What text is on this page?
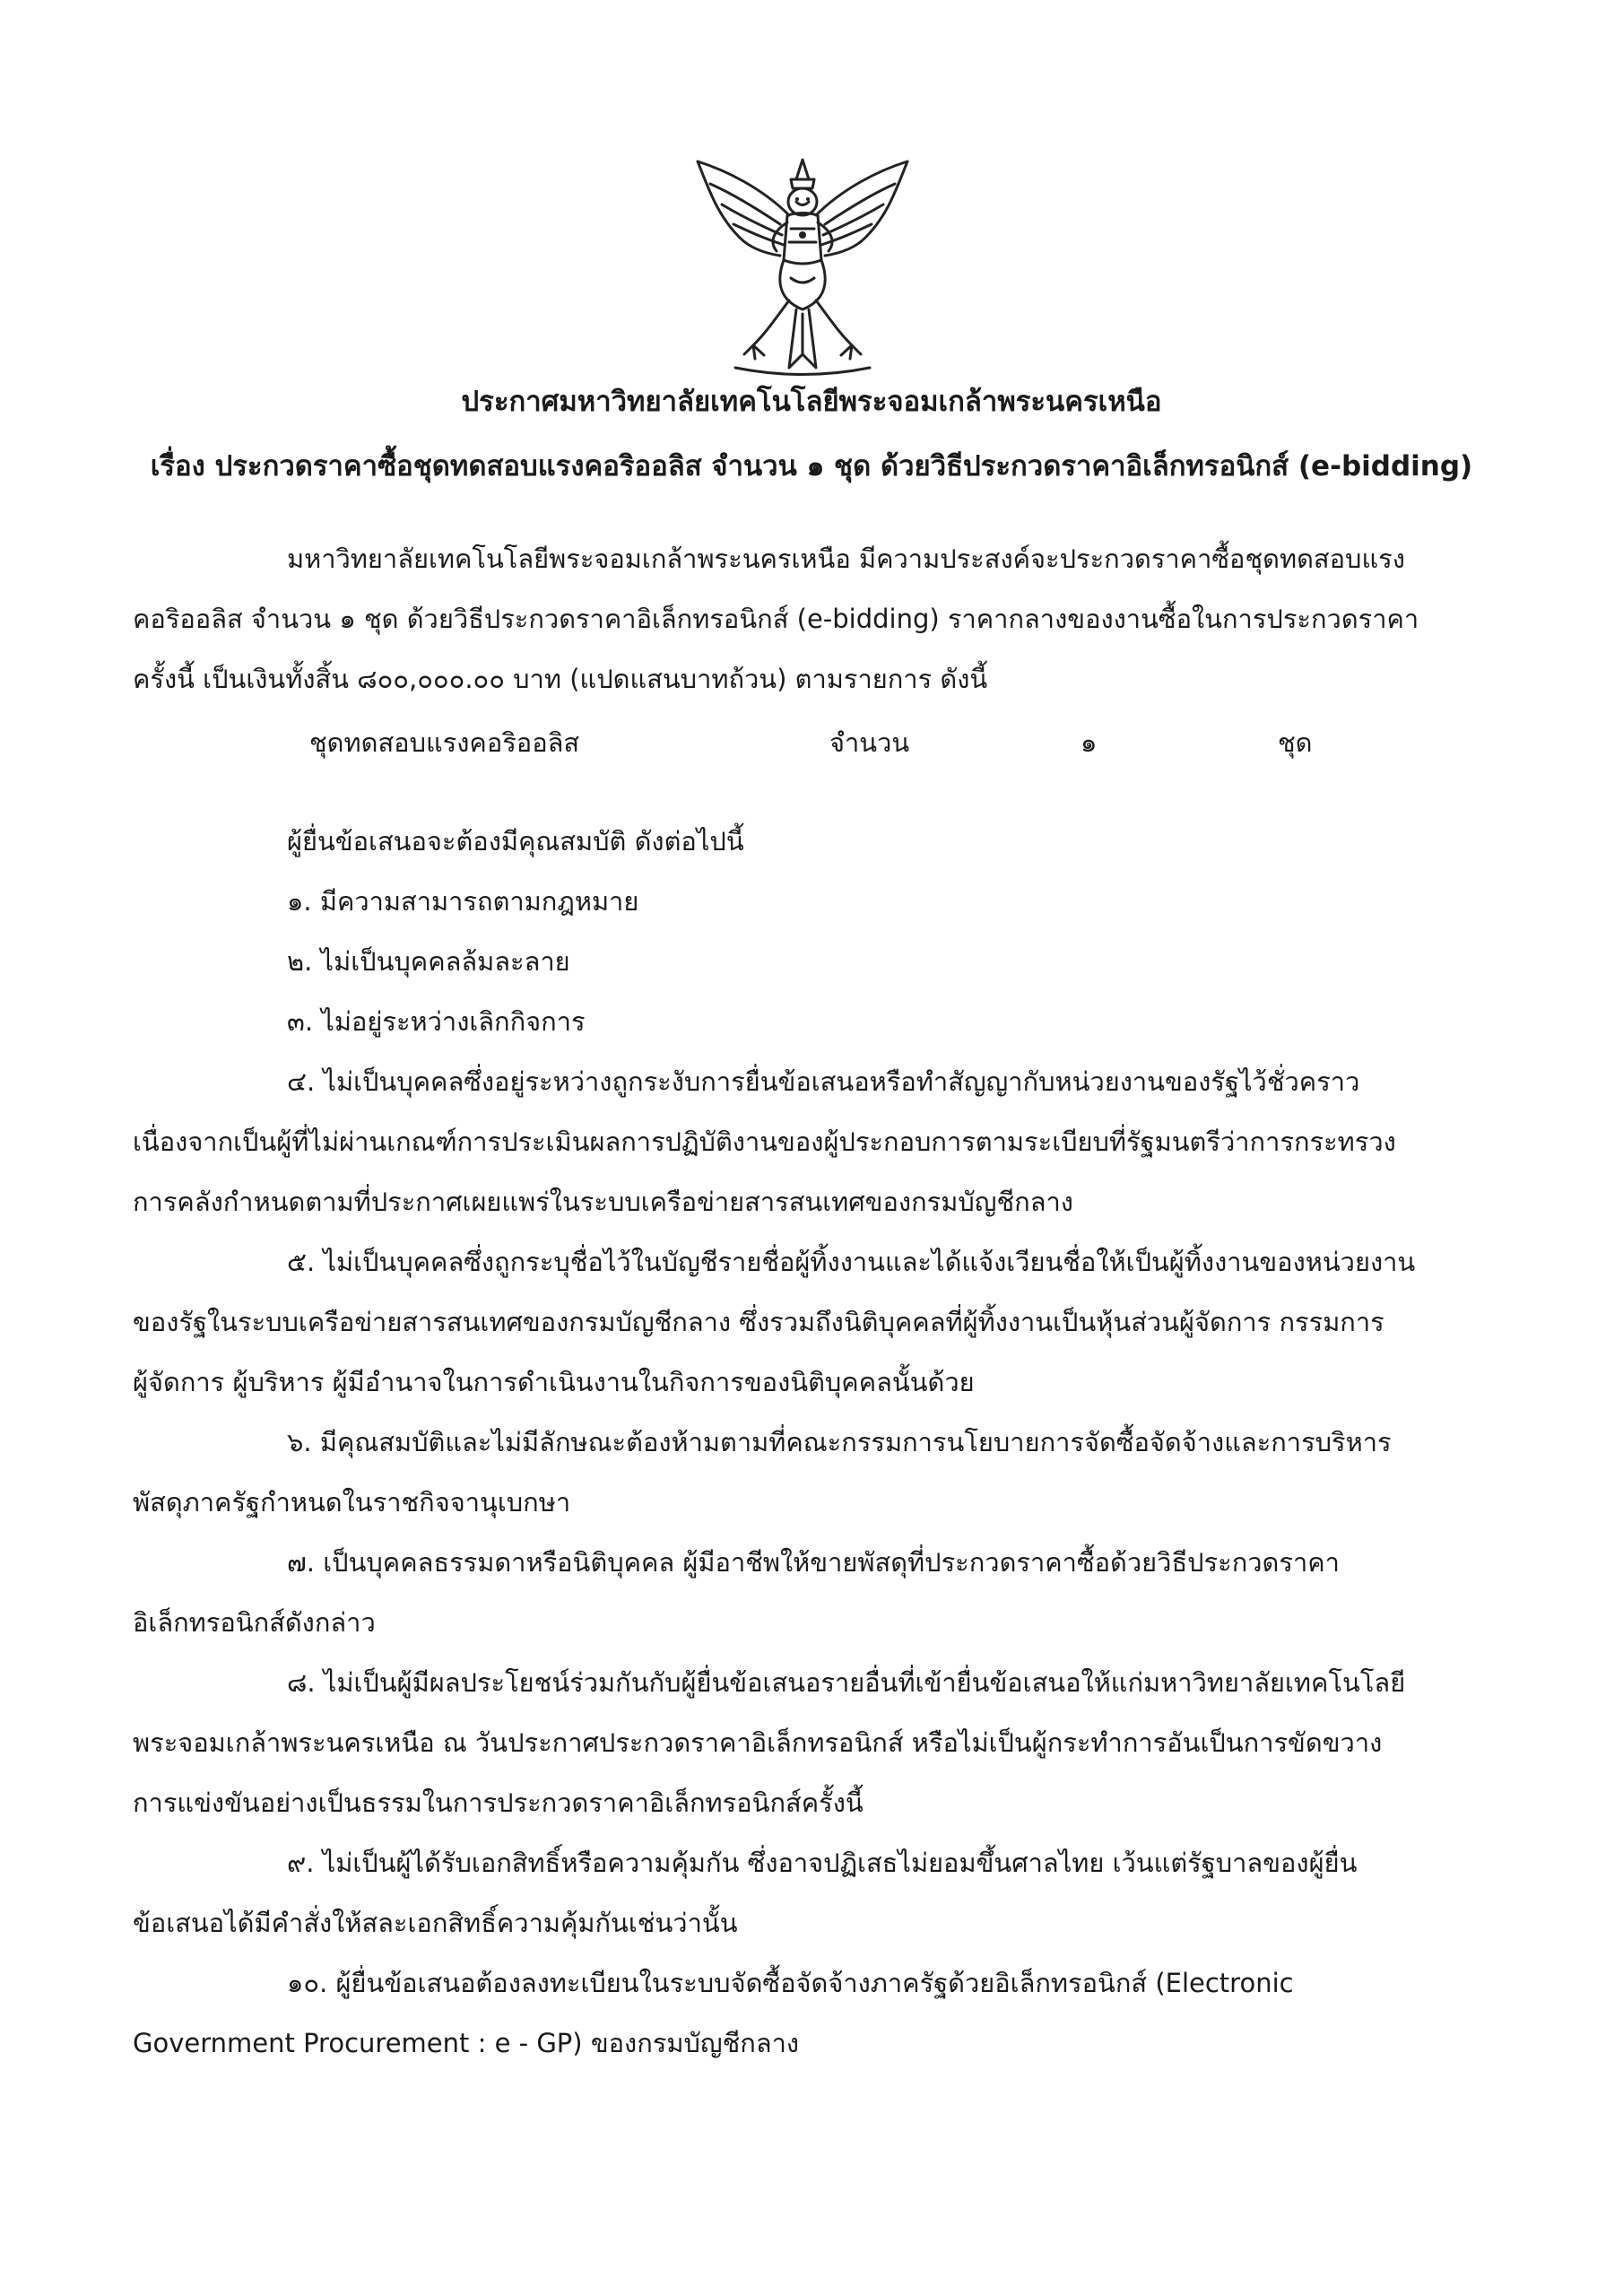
ประกาศมหาวิทยาลัยเทคโนโลยีพระจอมเกล้าพระนครเหนือ
เรื่อง ประกวดราคาซื้อชุดทดสอบแรงคอริออลิส จำนวน ๑ ชุด ด้วยวิธีประกวดราคาอิเล็กทรอนิกส์ (e-bidding)
มหาวิทยาลัยเทคโนโลยีพระจอมเกล้าพระนครเหนือ มีความประสงค์จะประกวดราคาซื้อชุดทดสอบแรง
คอริออลิส จำนวน ๑ ชุด ด้วยวิธีประกวดราคาอิเล็กทรอนิกส์ (e-bidding) ราคากลางของงานซื้อในการประกวดราคา
ครั้งนี้ เป็นเงินทั้งสิ้น ๘๐๐,๐๐๐.๐๐ บาท (แปดแสนบาทถ้วน) ตามรายการ ดังนี้
ชุดทดสอบแรงคอริออลิส	จำนวน	๑	ชุด
ผู้ยื่นข้อเสนอจะต้องมีคุณสมบัติ ดังต่อไปนี้
๑. มีความสามารถตามกฎหมาย
๒. ไม่เป็นบุคคลล้มละลาย
๓. ไม่อยู่ระหว่างเลิกกิจการ
๔. ไม่เป็นบุคคลซึ่งอยู่ระหว่างถูกระงับการยื่นข้อเสนอหรือทำสัญญากับหน่วยงานของรัฐไว้ชั่วคราว
เนื่องจากเป็นผู้ที่ไม่ผ่านเกณฑ์การประเมินผลการปฏิบัติงานของผู้ประกอบการตามระเบียบที่รัฐมนตรีว่าการกระทรวง
การคลังกำหนดตามที่ประกาศเผยแพร่ในระบบเครือข่ายสารสนเทศของกรมบัญชีกลาง
๕. ไม่เป็นบุคคลซึ่งถูกระบุชื่อไว้ในบัญชีรายชื่อผู้ทิ้งงานและได้แจ้งเวียนชื่อให้เป็นผู้ทิ้งงานของหน่วยงาน
ของรัฐในระบบเครือข่ายสารสนเทศของกรมบัญชีกลาง ซึ่งรวมถึงนิติบุคคลที่ผู้ทิ้งงานเป็นหุ้นส่วนผู้จัดการ กรรมการ
ผู้จัดการ ผู้บริหาร ผู้มีอำนาจในการดำเนินงานในกิจการของนิติบุคคลนั้นด้วย
๖. มีคุณสมบัติและไม่มีลักษณะต้องห้ามตามที่คณะกรรมการนโยบายการจัดซื้อจัดจ้างและการบริหาร
พัสดุภาครัฐกำหนดในราชกิจจานุเบกษา
๗. เป็นบุคคลธรรมดาหรือนิติบุคคล ผู้มีอาชีพให้ขายพัสดุที่ประกวดราคาซื้อด้วยวิธีประกวดราคา
อิเล็กทรอนิกส์ดังกล่าว
๘. ไม่เป็นผู้มีผลประโยชน์ร่วมกันกับผู้ยื่นข้อเสนอรายอื่นที่เข้ายื่นข้อเสนอให้แก่มหาวิทยาลัยเทคโนโลยี
พระจอมเกล้าพระนครเหนือ ณ วันประกาศประกวดราคาอิเล็กทรอนิกส์ หรือไม่เป็นผู้กระทำการอันเป็นการขัดขวาง
การแข่งขันอย่างเป็นธรรมในการประกวดราคาอิเล็กทรอนิกส์ครั้งนี้
๙. ไม่เป็นผู้ได้รับเอกสิทธิ์หรือความคุ้มกัน ซึ่งอาจปฏิเสธไม่ยอมขึ้นศาลไทย เว้นแต่รัฐบาลของผู้ยื่น
ข้อเสนอได้มีคำสั่งให้สละเอกสิทธิ์ความคุ้มกันเช่นว่านั้น
๑๐. ผู้ยื่นข้อเสนอต้องลงทะเบียนในระบบจัดซื้อจัดจ้างภาครัฐด้วยอิเล็กทรอนิกส์ (Electronic
Government Procurement : e - GP) ของกรมบัญชีกลาง
